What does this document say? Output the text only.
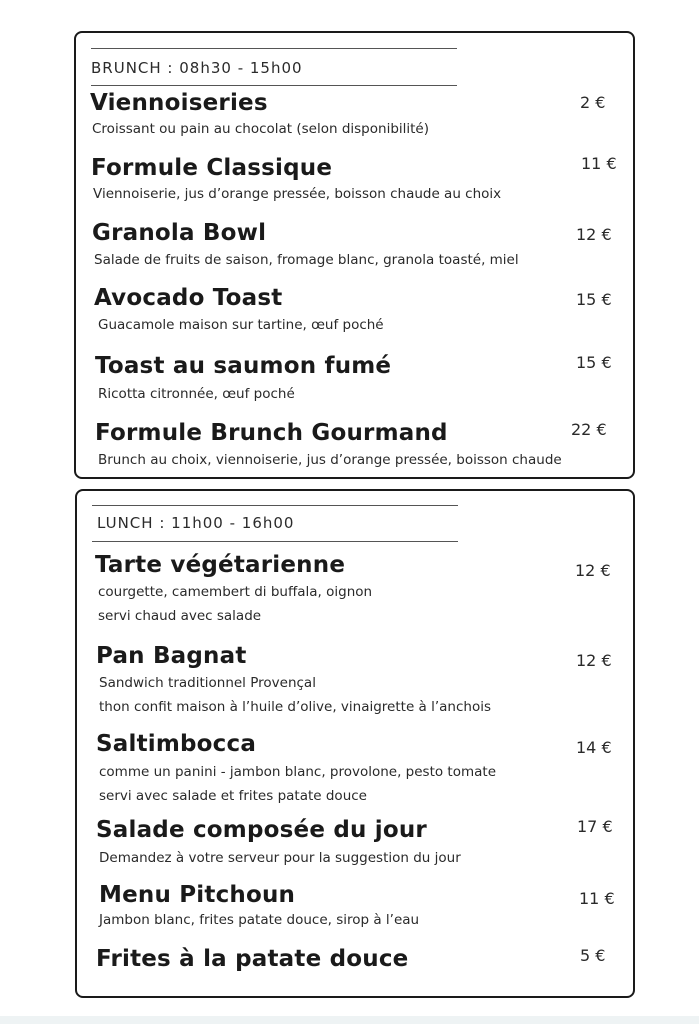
BRUNCH : 08h30 - 15h00
Viennoiseries
Croissant ou pain au chocolat (selon disponibilité)
2 €
Formule Classique
Viennoiserie, jus d’orange pressée, boisson chaude au choix
11 €
Granola Bowl
Salade de fruits de saison, fromage blanc, granola toasté, miel
12 €
Avocado Toast
Guacamole maison sur tartine, œuf poché
15 €
Toast au saumon fumé
Ricotta citronnée, œuf poché
15 €
Formule Brunch Gourmand
Brunch au choix, viennoiserie, jus d’orange pressée, boisson chaude
22 €
LUNCH : 11h00 - 16h00
Tarte végétarienne
courgette, camembert di buffala, oignon
servi chaud avec salade
12 €
Pan Bagnat
Sandwich traditionnel Provençal
thon confit maison à l’huile d’olive, vinaigrette à l’anchois
12 €
Saltimbocca
comme un panini - jambon blanc, provolone, pesto tomate
servi avec salade et frites patate douce
14 €
Salade composée du jour
Demandez à votre serveur pour la suggestion du jour
17 €
Menu Pitchoun
Jambon blanc, frites patate douce, sirop à l’eau
11 €
Frites à la patate douce	5 €
